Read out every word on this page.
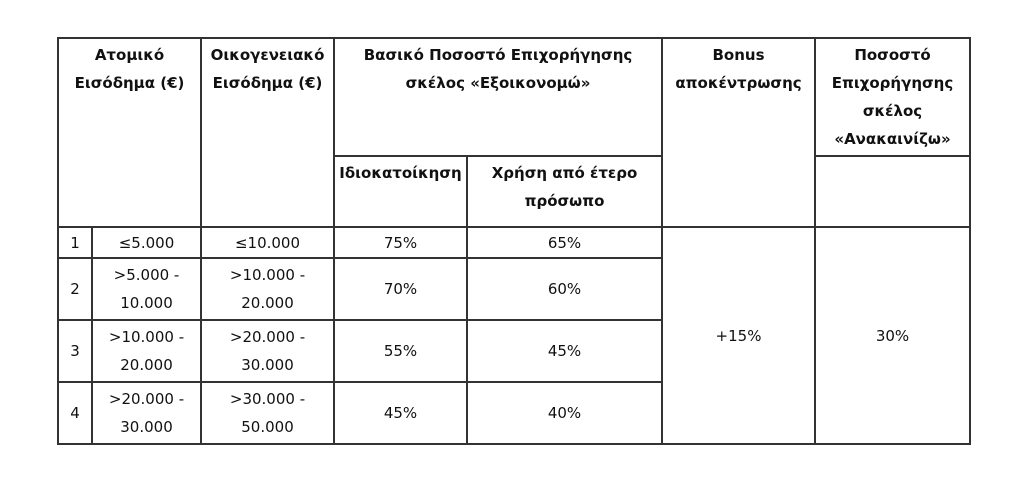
Ατομικό Εισόδημα (€)		Οικογενειακό Εισόδημα (€)	Βασικό Ποσοστό Επιχορήγησης σκέλος «Εξοικονομώ»		Bonus αποκέντρωσης	Ποσοστό Επιχορήγησης σκέλος «Ανακαινίζω»
			Ιδιοκατοίκηση	Χρήση από έτερο πρόσωπο		
1	≤5.000	≤10.000	75%	65%	+15%	30%
2	>5.000 - 10.000	>10.000 - 20.000	70%	60%		
3	>10.000 - 20.000	>20.000 - 30.000	55%	45%		
4	>20.000 - 30.000	>30.000 - 50.000	45%	40%		
